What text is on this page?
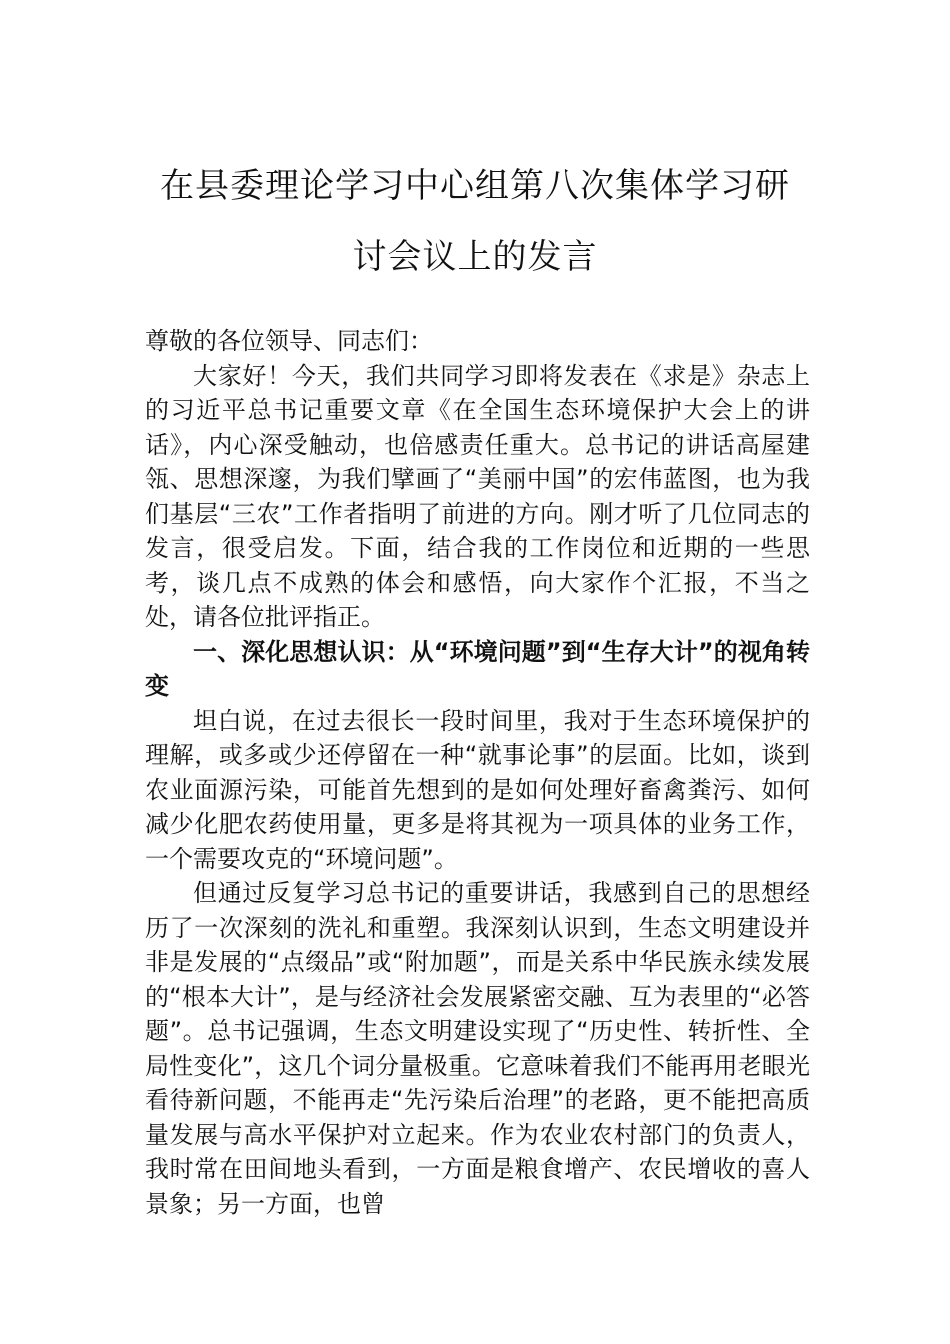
在县委理论学习中心组第八次集体学习研
讨会议上的发言

尊敬的各位领导、同志们：

大家好！今天，我们共同学习即将发表在《求是》杂志上的习近平总书记重要文章《在全国生态环境保护大会上的讲话》，内心深受触动，也倍感责任重大。总书记的讲话高屋建瓴、思想深邃，为我们擘画了“美丽中国”的宏伟蓝图，也为我们基层“三农”工作者指明了前进的方向。刚才听了几位同志的发言，很受启发。下面，结合我的工作岗位和近期的一些思考，谈几点不成熟的体会和感悟，向大家作个汇报，不当之处，请各位批评指正。

一、深化思想认识：从“环境问题”到“生存大计”的视角转变

坦白说，在过去很长一段时间里，我对于生态环境保护的理解，或多或少还停留在一种“就事论事”的层面。比如，谈到农业面源污染，可能首先想到的是如何处理好畜禽粪污、如何减少化肥农药使用量，更多是将其视为一项具体的业务工作，一个需要攻克的“环境问题”。

但通过反复学习总书记的重要讲话，我感到自己的思想经历了一次深刻的洗礼和重塑。我深刻认识到，生态文明建设并非是发展的“点缀品”或“附加题”，而是关系中华民族永续发展的“根本大计”，是与经济社会发展紧密交融、互为表里的“必答题”。总书记强调，生态文明建设实现了“历史性、转折性、全局性变化”，这几个词分量极重。它意味着我们不能再用老眼光看待新问题，不能再走“先污染后治理”的老路，更不能把高质量发展与高水平保护对立起来。作为农业农村部门的负责人，我时常在田间地头看到，一方面是粮食增产、农民增收的喜人景象；另一方面，也曾
